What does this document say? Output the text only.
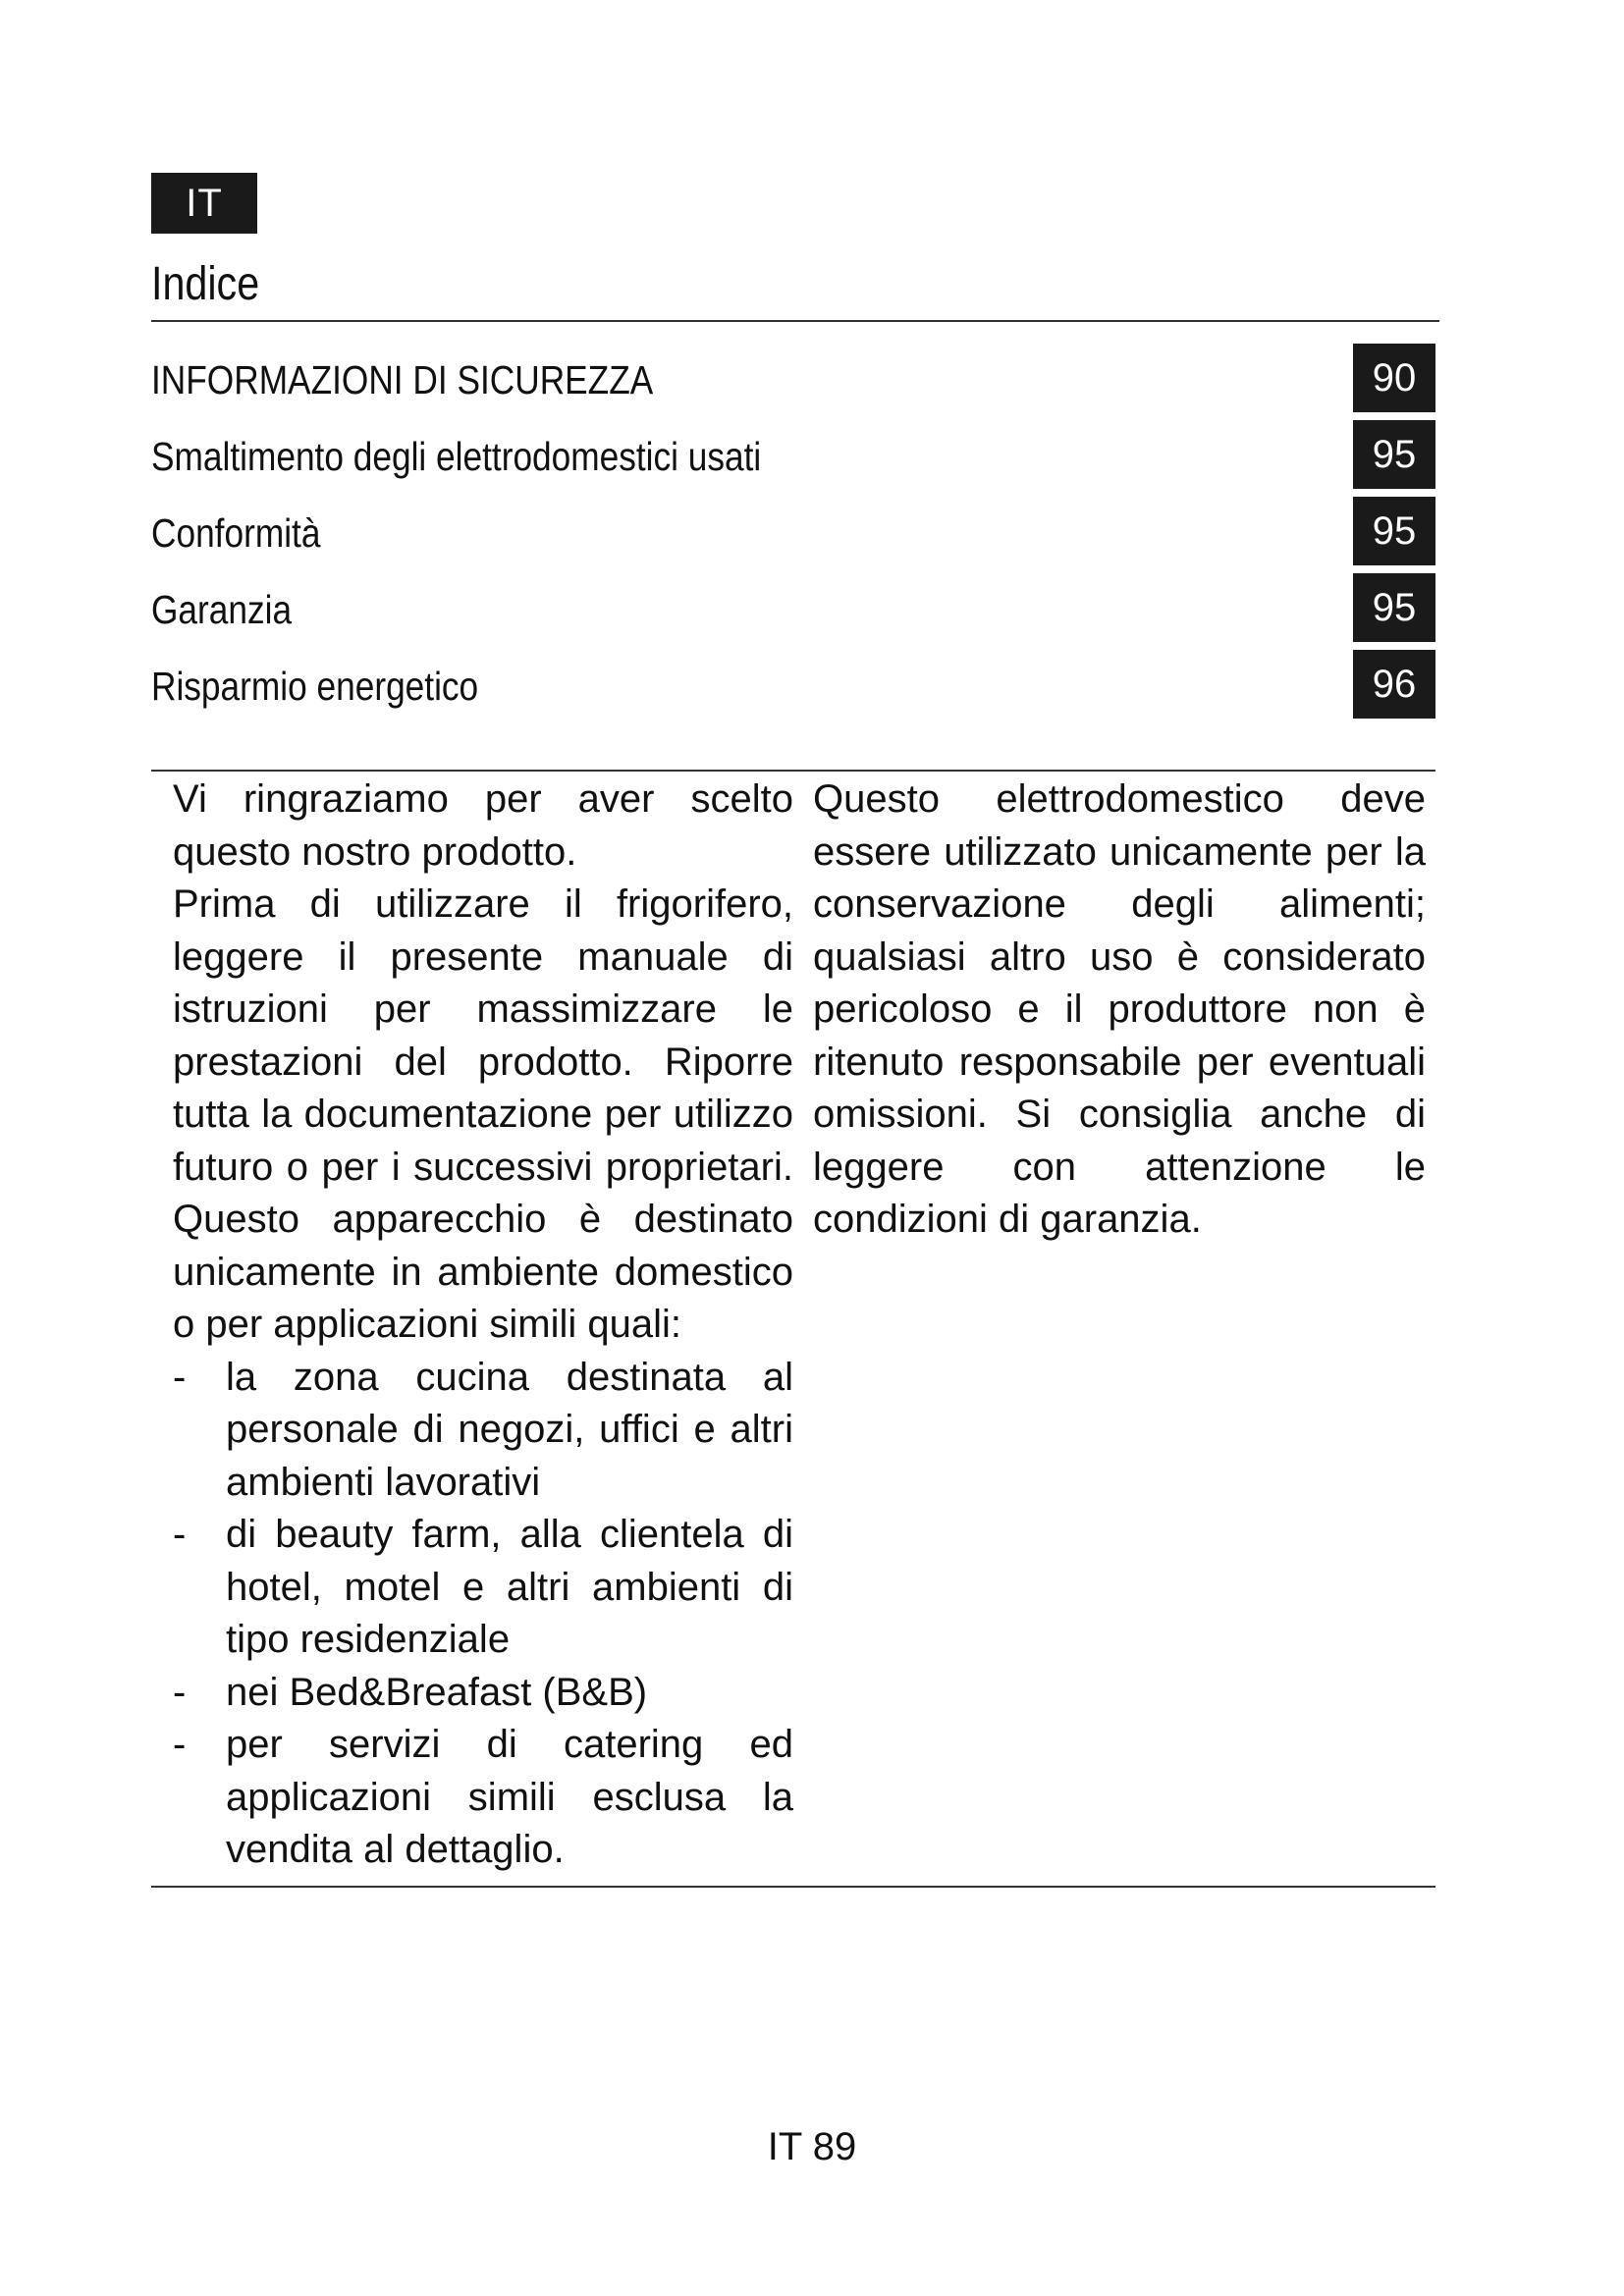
IT
Indice
INFORMAZIONI DI SICUREZZA	90
Smaltimento degli elettrodomestici usati	95
Conformità	95
Garanzia	95
Risparmio energetico	96

Vi ringraziamo per aver scelto questo nostro prodotto.

Prima di utilizzare il frigorifero, leggere il presente manuale di istruzioni per massimizzare le prestazioni del prodotto. Riporre tutta la documentazione per utilizzo futuro o per i successivi proprietari. Questo apparecchio è destinato unicamente in ambiente domestico o per applicazioni simili quali:

- la zona cucina destinata al personale di negozi, uffici e altri ambienti lavorativi
- di beauty farm, alla clientela di hotel, motel e altri ambienti di tipo residenziale
- nei Bed&Breafast (B&B)
- per servizi di catering ed applicazioni simili esclusa la vendita al dettaglio.

Questo elettrodomestico deve essere utilizzato unicamente per la conservazione degli alimenti; qualsiasi altro uso è considerato pericoloso e il produttore non è ritenuto responsabile per eventuali omissioni. Si consiglia anche di leggere con attenzione le condizioni di garanzia.

IT 89
